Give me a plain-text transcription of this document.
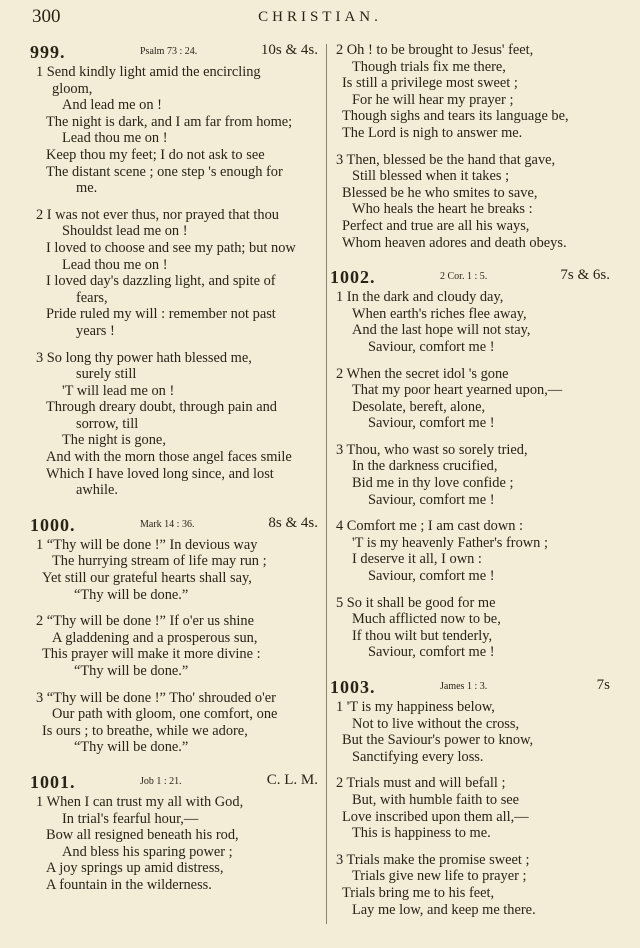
300	CHRISTIAN.
999.	Psalm 73 : 24.	10s & 4s.
1 Send kindly light amid the encircling
gloom,
And lead me on !
The night is dark, and I am far from home;
Lead thou me on !
Keep thou my feet; I do not ask to see
The distant scene ; one step 's enough for
me.
2 I was not ever thus, nor prayed that thou
Shouldst lead me on !
I loved to choose and see my path; but now
Lead thou me on !
I loved day's dazzling light, and spite of
fears,
Pride ruled my will : remember not past
years !
3 So long thy power hath blessed me,
surely still
'T will lead me on !
Through dreary doubt, through pain and
sorrow, till
The night is gone,
And with the morn those angel faces smile
Which I have loved long since, and lost
awhile.
1000.	Mark 14 : 36.	8s & 4s.
1 “Thy will be done !” In devious way
The hurrying stream of life may run ;
Yet still our grateful hearts shall say,
“Thy will be done.”
2 “Thy will be done !” If o'er us shine
A gladdening and a prosperous sun,
This prayer will make it more divine :
“Thy will be done.”
3 “Thy will be done !” Tho' shrouded o'er
Our path with gloom, one comfort, one
Is ours ; to breathe, while we adore,
“Thy will be done.”
1001.	Job 1 : 21.	C. L. M.
1 When I can trust my all with God,
In trial's fearful hour,—
Bow all resigned beneath his rod,
And bless his sparing power ;
A joy springs up amid distress,
A fountain in the wilderness.
2 Oh ! to be brought to Jesus' feet,
Though trials fix me there,
Is still a privilege most sweet ;
For he will hear my prayer ;
Though sighs and tears its language be,
The Lord is nigh to answer me.
3 Then, blessed be the hand that gave,
Still blessed when it takes ;
Blessed be he who smites to save,
Who heals the heart he breaks :
Perfect and true are all his ways,
Whom heaven adores and death obeys.
1002.	2 Cor. 1 : 5.	7s & 6s.
1 In the dark and cloudy day,
When earth's riches flee away,
And the last hope will not stay,
Saviour, comfort me !
2 When the secret idol 's gone
That my poor heart yearned upon,—
Desolate, bereft, alone,
Saviour, comfort me !
3 Thou, who wast so sorely tried,
In the darkness crucified,
Bid me in thy love confide ;
Saviour, comfort me !
4 Comfort me ; I am cast down :
'T is my heavenly Father's frown ;
I deserve it all, I own :
Saviour, comfort me !
5 So it shall be good for me
Much afflicted now to be,
If thou wilt but tenderly,
Saviour, comfort me !
1003.	James 1 : 3.	7s
1 'T is my happiness below,
Not to live without the cross,
But the Saviour's power to know,
Sanctifying every loss.
2 Trials must and will befall ;
But, with humble faith to see
Love inscribed upon them all,—
This is happiness to me.
3 Trials make the promise sweet ;
Trials give new life to prayer ;
Trials bring me to his feet,
Lay me low, and keep me there.
